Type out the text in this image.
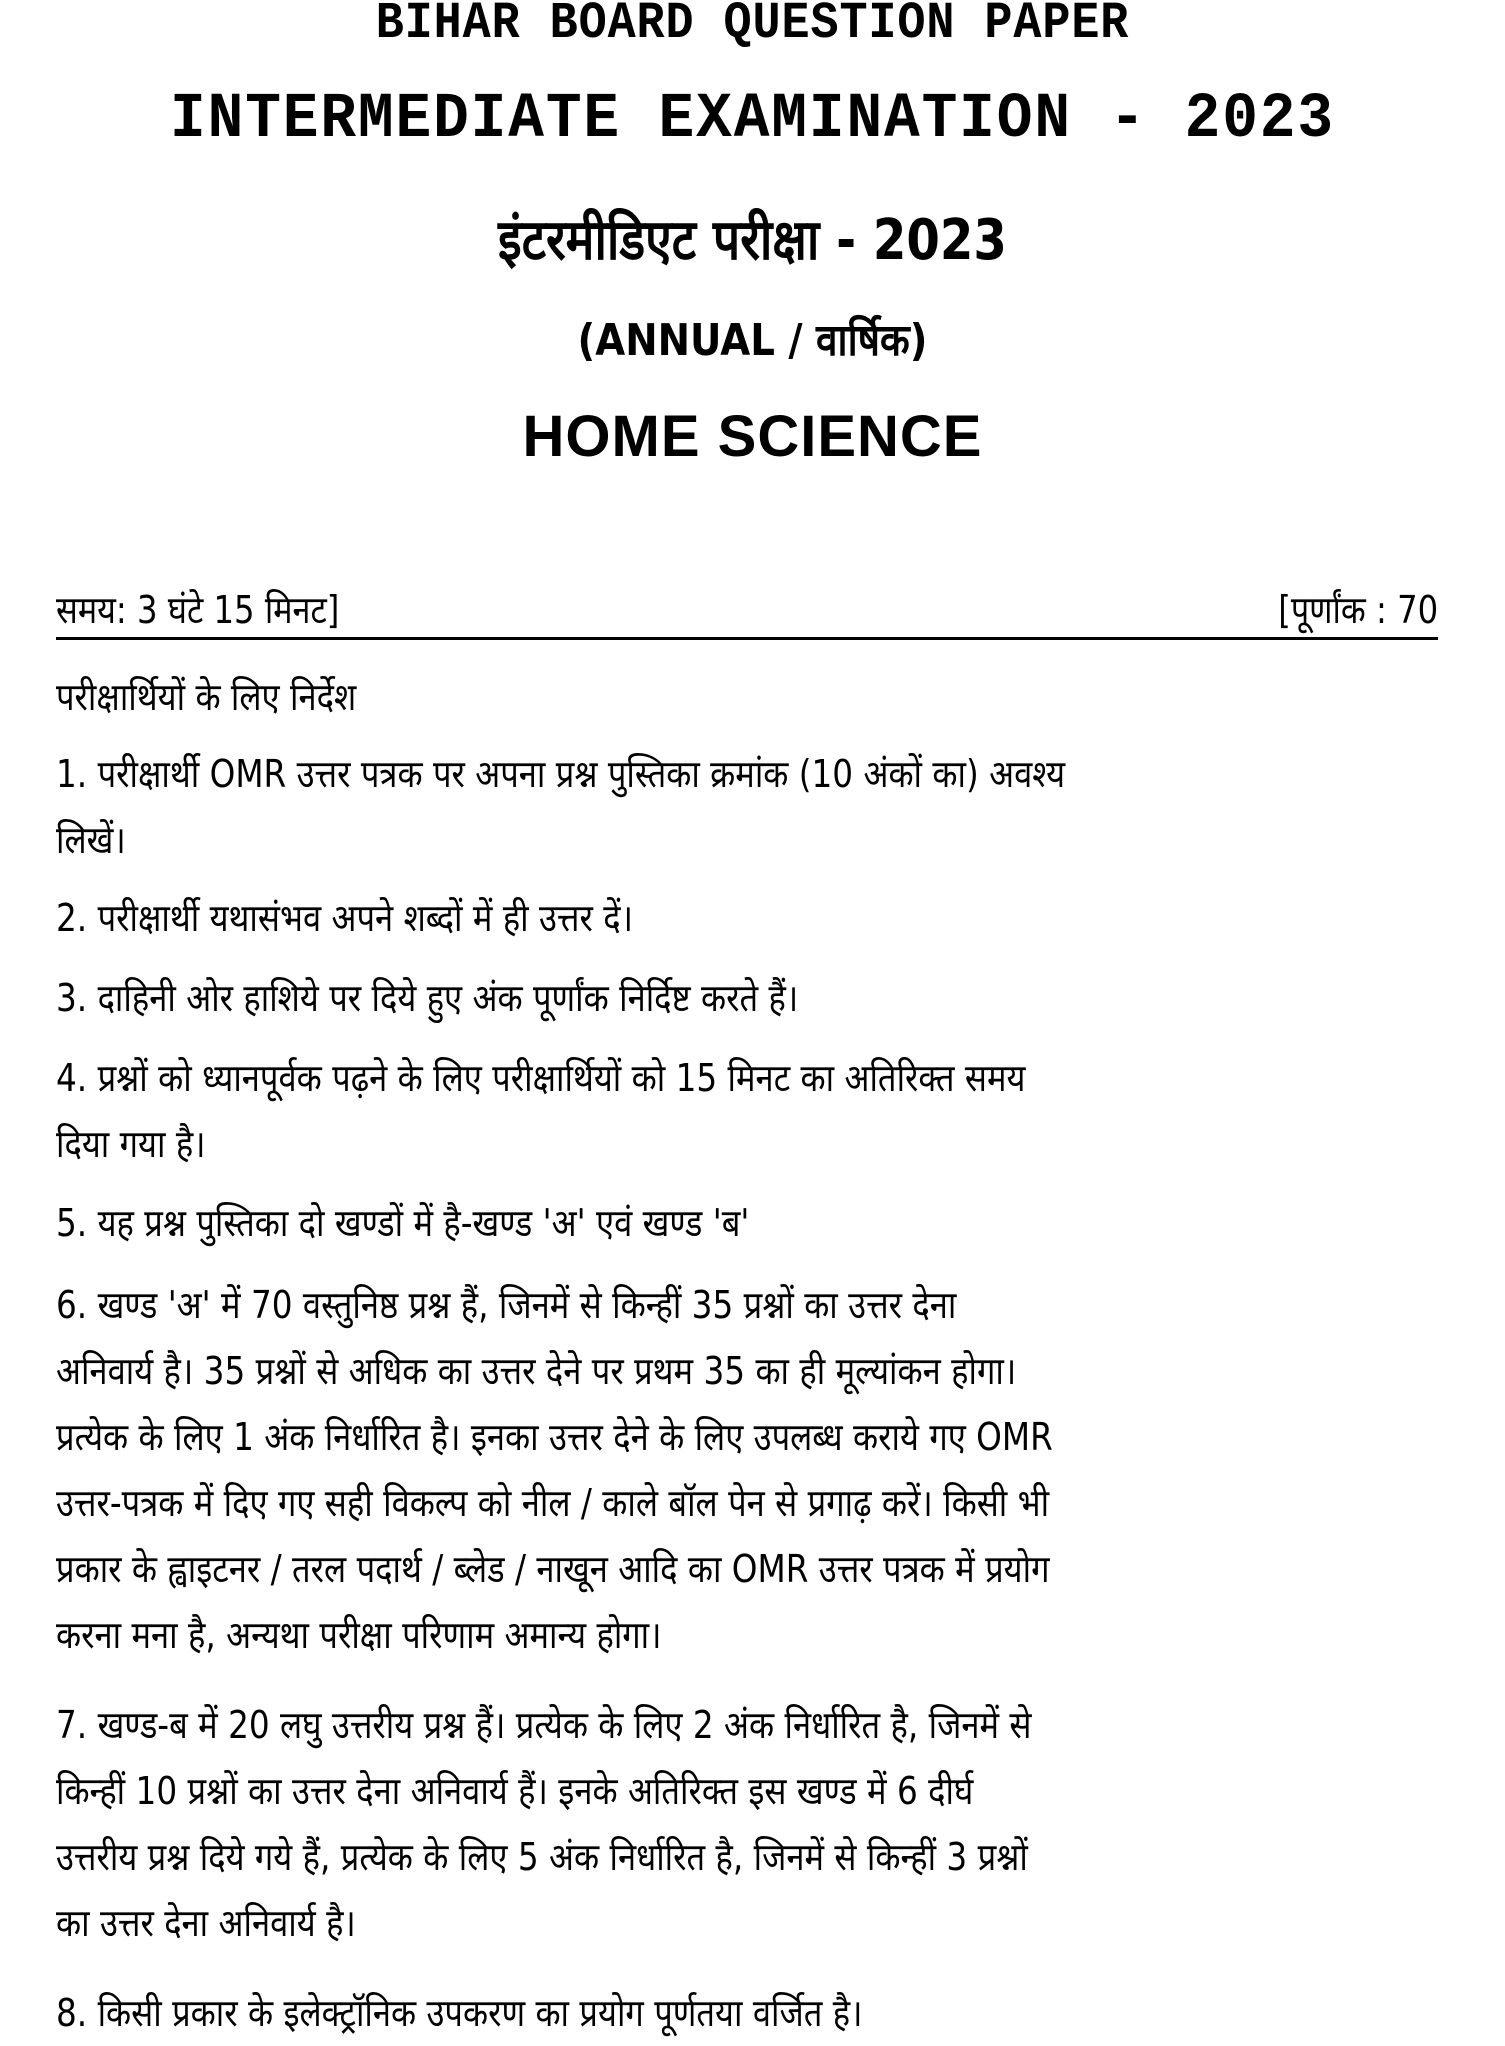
BIHAR BOARD QUESTION PAPER
INTERMEDIATE EXAMINATION - 2023
इंटरमीडिएट परीक्षा - 2023
(ANNUAL / वार्षिक)
HOME SCIENCE
समय: 3 घंटे 15 मिनट]	[पूर्णांक : 70
परीक्षार्थियों के लिए निर्देश
1. परीक्षार्थी OMR उत्तर पत्रक पर अपना प्रश्न पुस्तिका क्रमांक (10 अंकों का) अवश्य
लिखें।
2. परीक्षार्थी यथासंभव अपने शब्दों में ही उत्तर दें।
3. दाहिनी ओर हाशिये पर दिये हुए अंक पूर्णांक निर्दिष्ट करते हैं।
4. प्रश्नों को ध्यानपूर्वक पढ़ने के लिए परीक्षार्थियों को 15 मिनट का अतिरिक्त समय
दिया गया है।
5. यह प्रश्न पुस्तिका दो खण्डों में है-खण्ड 'अ' एवं खण्ड 'ब'
6. खण्ड 'अ' में 70 वस्तुनिष्ठ प्रश्न हैं, जिनमें से किन्हीं 35 प्रश्नों का उत्तर देना
अनिवार्य है। 35 प्रश्नों से अधिक का उत्तर देने पर प्रथम 35 का ही मूल्यांकन होगा।
प्रत्येक के लिए 1 अंक निर्धारित है। इनका उत्तर देने के लिए उपलब्ध कराये गए OMR
उत्तर-पत्रक में दिए गए सही विकल्प को नील / काले बॉल पेन से प्रगाढ़ करें। किसी भी
प्रकार के ह्वाइटनर / तरल पदार्थ / ब्लेड / नाखून आदि का OMR उत्तर पत्रक में प्रयोग
करना मना है, अन्यथा परीक्षा परिणाम अमान्य होगा।
7. खण्ड-ब में 20 लघु उत्तरीय प्रश्न हैं। प्रत्येक के लिए 2 अंक निर्धारित है, जिनमें से
किन्हीं 10 प्रश्नों का उत्तर देना अनिवार्य हैं। इनके अतिरिक्त इस खण्ड में 6 दीर्घ
उत्तरीय प्रश्न दिये गये हैं, प्रत्येक के लिए 5 अंक निर्धारित है, जिनमें से किन्हीं 3 प्रश्नों
का उत्तर देना अनिवार्य है।
8. किसी प्रकार के इलेक्ट्रॉनिक उपकरण का प्रयोग पूर्णतया वर्जित है।
